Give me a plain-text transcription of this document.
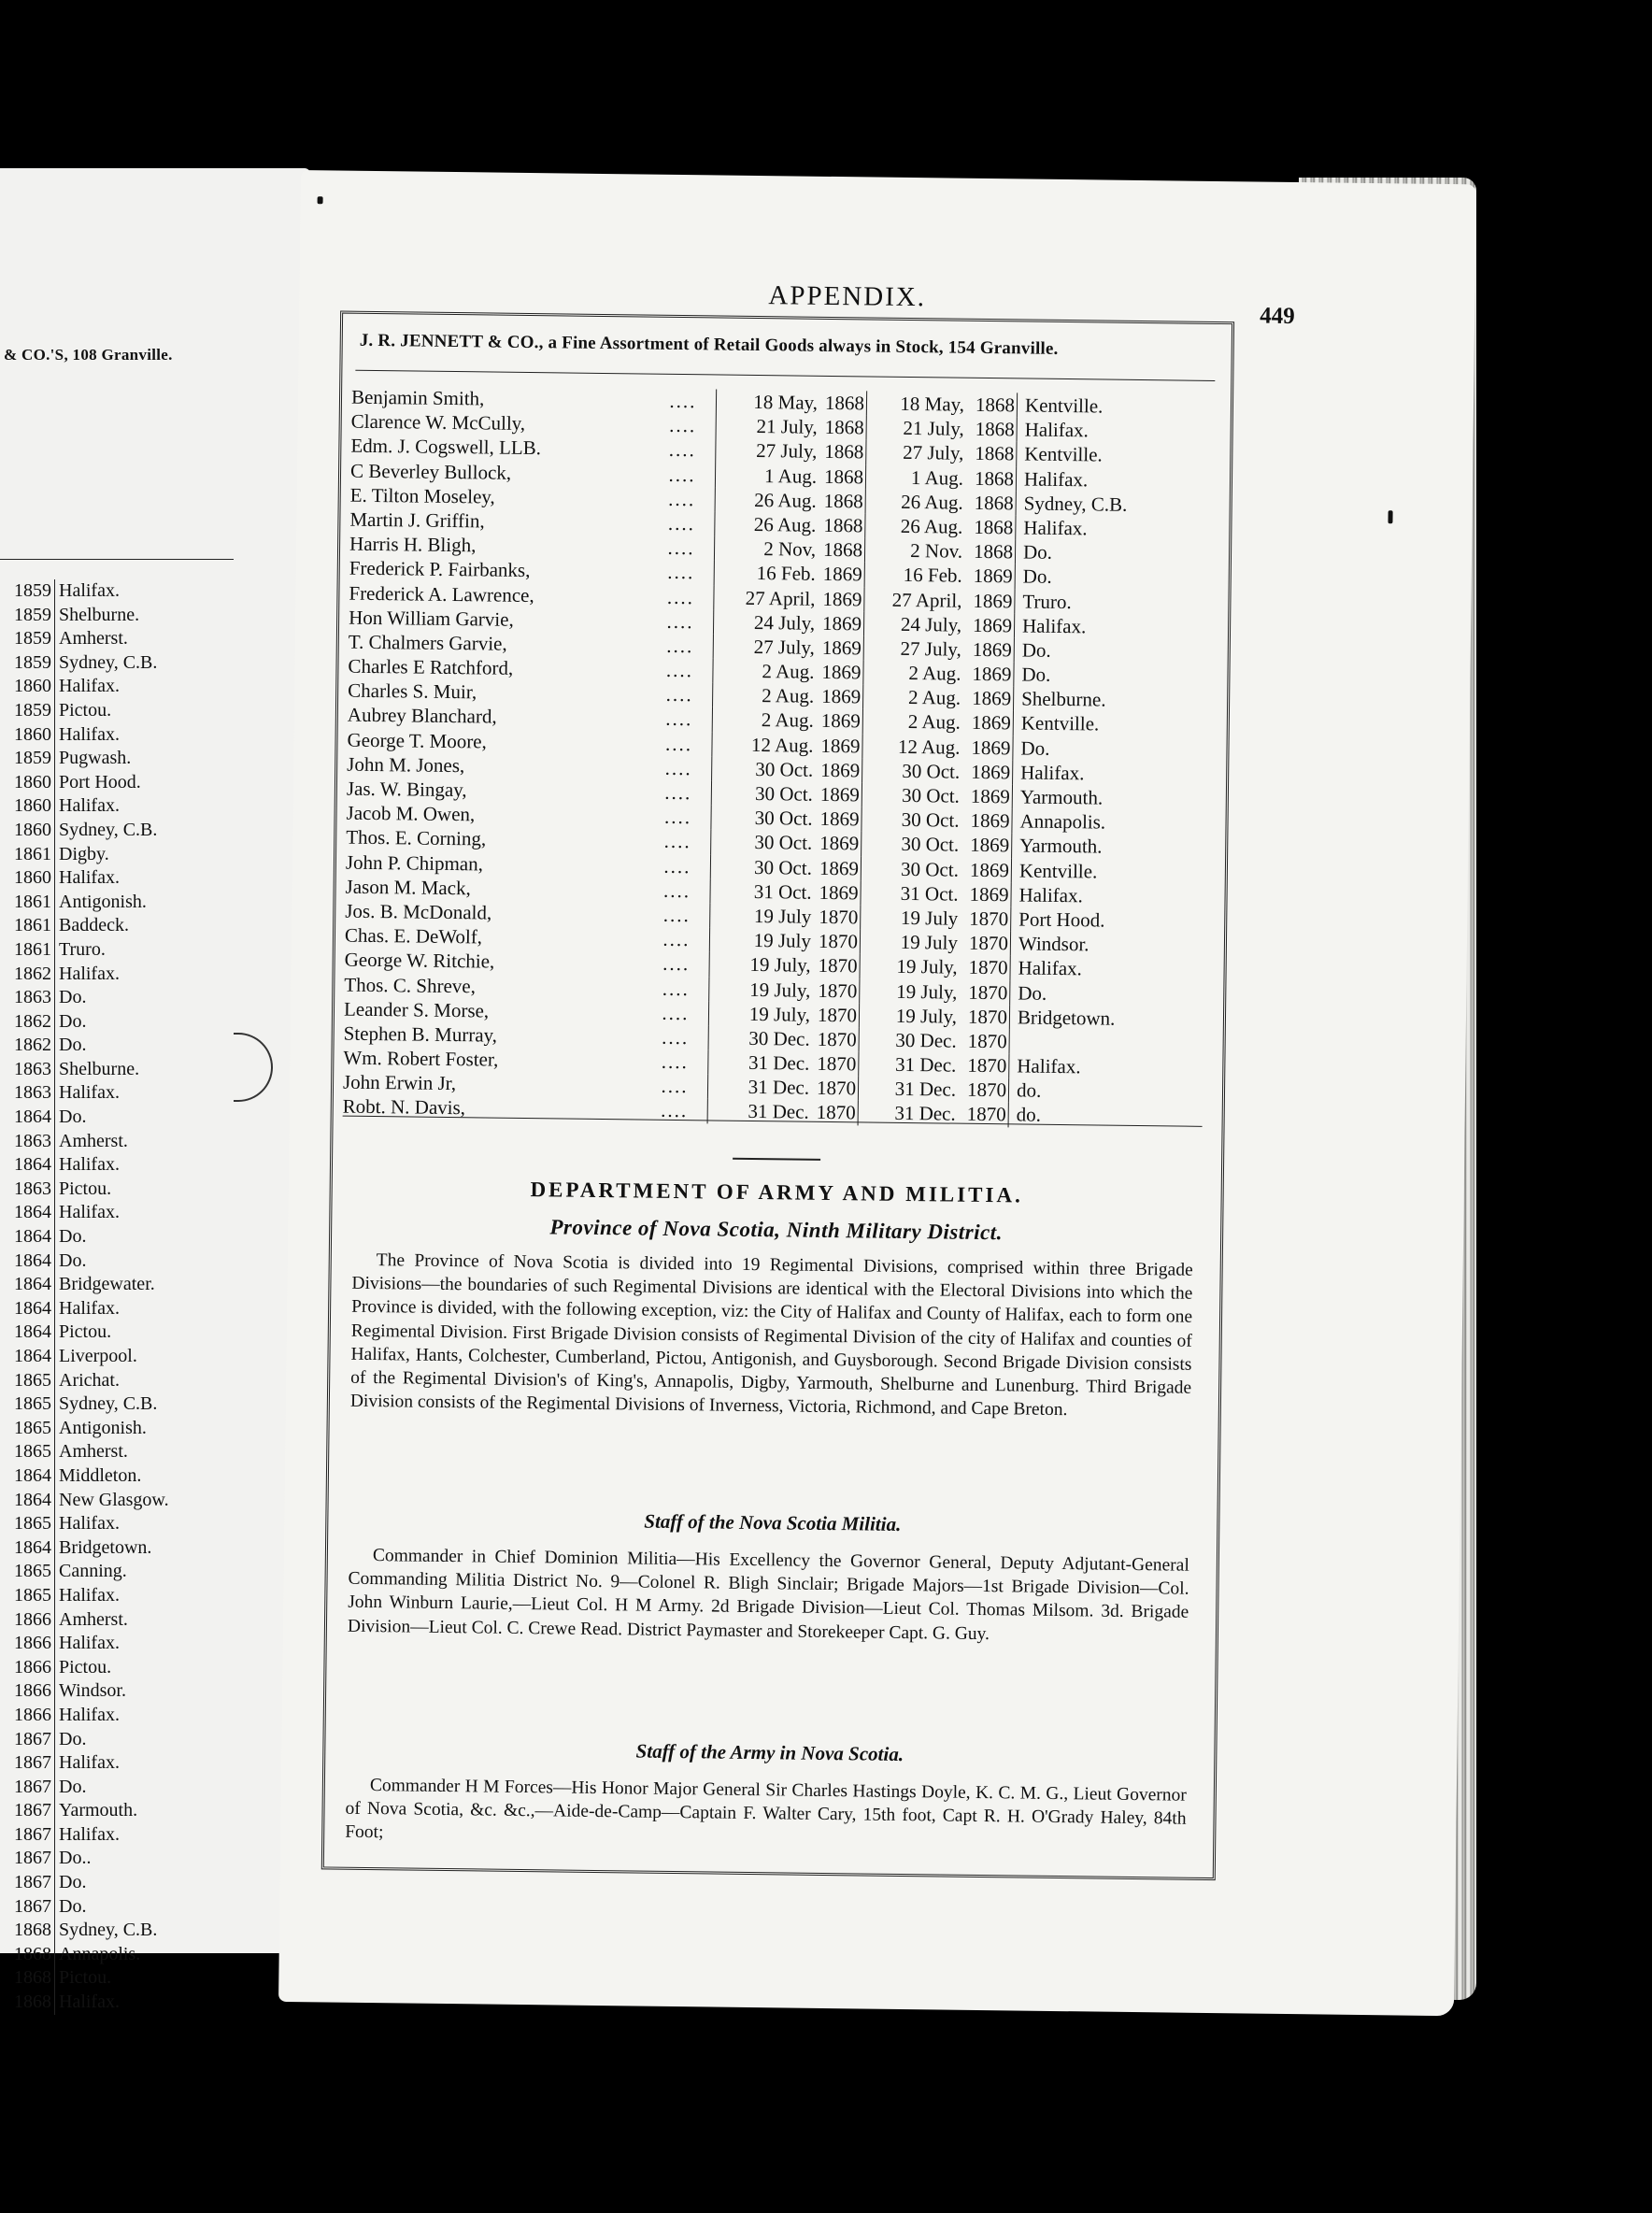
& CO.'S, 108 Granville.
1859 Halifax.
1859 Shelburne.
1859 Amherst.
1859 Sydney, C.B.
1860 Halifax.
1859 Pictou.
1860 Halifax.
1859 Pugwash.
1860 Port Hood.
1860 Halifax.
1860 Sydney, C.B.
1861 Digby.
1860 Halifax.
1861 Antigonish.
1861 Baddeck.
1861 Truro.
1862 Halifax.
1863 Do.
1862 Do.
1862 Do.
1863 Shelburne.
1863 Halifax.
1864 Do.
1863 Amherst.
1864 Halifax.
1863 Pictou.
1864 Halifax.
1864 Do.
1864 Do.
1864 Bridgewater.
1864 Halifax.
1864 Pictou.
1864 Liverpool.
1865 Arichat.
1865 Sydney, C.B.
1865 Antigonish.
1865 Amherst.
1864 Middleton.
1864 New Glasgow.
1865 Halifax.
1864 Bridgetown.
1865 Canning.
1865 Halifax.
1866 Amherst.
1866 Halifax.
1866 Pictou.
1866 Windsor.
1866 Halifax.
1867 Do.
1867 Halifax.
1867 Do.
1867 Yarmouth.
1867 Halifax.
1867 Do..
1867 Do.
1867 Do.
1868 Sydney, C.B.
1868 Annapolis.
1868 Pictou.
1868 Halifax.
APPENDIX.
449
J. R. JENNETT & CO., a Fine Assortment of Retail Goods always in Stock, 154 Granville.
Benjamin Smith,	....	18 May, 1868	18 May, 1868 Kentville.
Clarence W. McCully,	....	21 July, 1868	21 July, 1868 Halifax.
Edm. J. Cogswell, LLB.	....	27 July, 1868	27 July, 1868 Kentville.
C Beverley Bullock,	....	1 Aug. 1868	1 Aug. 1868 Halifax.
E. Tilton Moseley,	....	26 Aug. 1868	26 Aug. 1868 Sydney, C.B.
Martin J. Griffin,	....	26 Aug. 1868	26 Aug. 1868 Halifax.
Harris H. Bligh,	....	2 Nov, 1868	2 Nov. 1868 Do.
Frederick P. Fairbanks,	....	16 Feb. 1869	16 Feb. 1869 Do.
Frederick A. Lawrence,	....	27 April, 1869	27 April, 1869 Truro.
Hon William Garvie,	....	24 July, 1869	24 July, 1869 Halifax.
T. Chalmers Garvie,	....	27 July, 1869	27 July, 1869 Do.
Charles E Ratchford,	....	2 Aug. 1869	2 Aug. 1869 Do.
Charles S. Muir,	....	2 Aug. 1869	2 Aug. 1869 Shelburne.
Aubrey Blanchard,	....	2 Aug. 1869	2 Aug. 1869 Kentville.
George T. Moore,	....	12 Aug. 1869	12 Aug. 1869 Do.
John M. Jones,	....	30 Oct. 1869	30 Oct. 1869 Halifax.
Jas. W. Bingay,	....	30 Oct. 1869	30 Oct. 1869 Yarmouth.
Jacob M. Owen,	....	30 Oct. 1869	30 Oct. 1869 Annapolis.
Thos. E. Corning,	....	30 Oct. 1869	30 Oct. 1869 Yarmouth.
John P. Chipman,	....	30 Oct. 1869	30 Oct. 1869 Kentville.
Jason M. Mack,	....	31 Oct. 1869	31 Oct. 1869 Halifax.
Jos. B. McDonald,	....	19 July 1870	19 July 1870 Port Hood.
Chas. E. DeWolf,	....	19 July 1870	19 July 1870 Windsor.
George W. Ritchie,	....	19 July, 1870	19 July, 1870 Halifax.
Thos. C. Shreve,	....	19 July, 1870	19 July, 1870 Do.
Leander S. Morse,	....	19 July, 1870	19 July, 1870 Bridgetown.
Stephen B. Murray,	....	30 Dec. 1870	30 Dec. 1870
Wm. Robert Foster,	....	31 Dec. 1870	31 Dec. 1870 Halifax.
John Erwin Jr,	....	31 Dec. 1870	31 Dec. 1870 do.
Robt. N. Davis,	....	31 Dec. 1870	31 Dec. 1870 do.
DEPARTMENT OF ARMY AND MILITIA.
Province of Nova Scotia, Ninth Military District.
The Province of Nova Scotia is divided into 19 Regimental Divisions, comprised within three Brigade Divisions—the boundaries of such Regimental Divisions are identical with the Electoral Divisions into which the Province is divided, with the following exception, viz: the City of Halifax and County of Halifax, each to form one Regimental Division. First Brigade Division consists of Regimental Division of the city of Halifax and counties of Halifax, Hants, Colchester, Cumberland, Pictou, Antigonish, and Guysborough. Second Brigade Division consists of the Regimental Division's of King's, Annapolis, Digby, Yarmouth, Shelburne and Lunenburg. Third Brigade Division consists of the Regimental Divisions of Inverness, Victoria, Richmond, and Cape Breton.
Staff of the Nova Scotia Militia.
Commander in Chief Dominion Militia—His Excellency the Governor General, Deputy Adjutant-General Commanding Militia District No. 9—Colonel R. Bligh Sinclair; Brigade Majors—1st Brigade Division—Col. John Winburn Laurie,—Lieut Col. H M Army. 2d Brigade Division—Lieut Col. Thomas Milsom. 3d. Brigade Division—Lieut Col. C. Crewe Read. District Paymaster and Storekeeper Capt. G. Guy.
Staff of the Army in Nova Scotia.
Commander H M Forces—His Honor Major General Sir Charles Hastings Doyle, K. C. M. G., Lieut Governor of Nova Scotia, &c. &c.,—Aide-de-Camp—Captain F. Walter Cary, 15th foot, Capt R. H. O'Grady Haley, 84th Foot;
